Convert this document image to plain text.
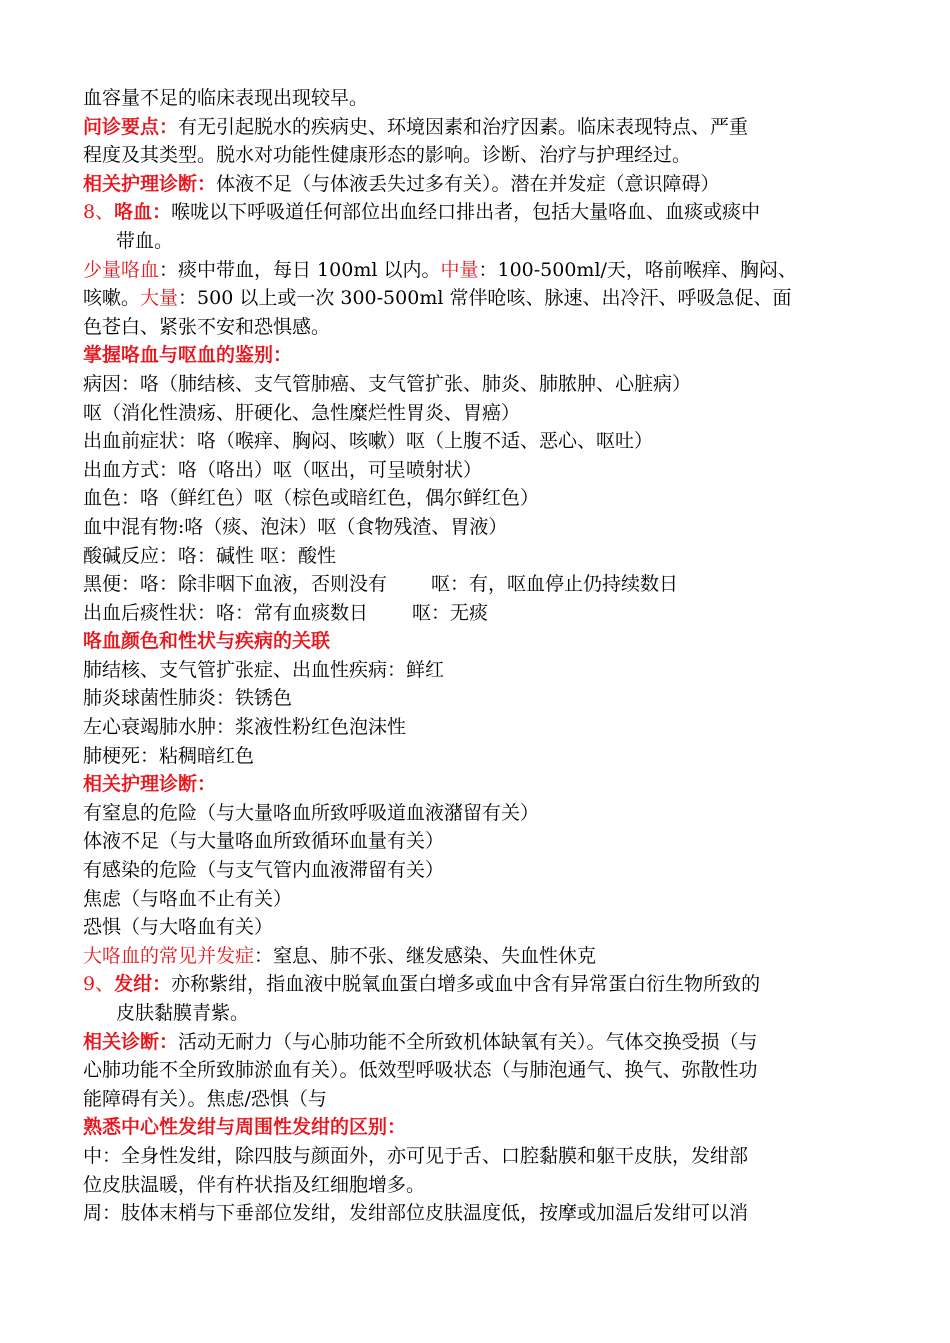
血容量不足的临床表现出现较早。
问诊要点：有无引起脱水的疾病史、环境因素和治疗因素。临床表现特点、严重
程度及其类型。脱水对功能性健康形态的影响。诊断、治疗与护理经过。
相关护理诊断：体液不足（与体液丢失过多有关）。潜在并发症（意识障碍）
8、咯血：喉咙以下呼吸道任何部位出血经口排出者，包括大量咯血、血痰或痰中
带血。
少量咯血：痰中带血，每日 100ml 以内。中量：100-500ml/天，咯前喉痒、胸闷、
咳嗽。大量：500 以上或一次 300-500ml 常伴呛咳、脉速、出冷汗、呼吸急促、面
色苍白、紧张不安和恐惧感。
掌握咯血与呕血的鉴别：
病因：咯（肺结核、支气管肺癌、支气管扩张、肺炎、肺脓肿、心脏病）
呕（消化性溃疡、肝硬化、急性糜烂性胃炎、胃癌）
出血前症状：咯（喉痒、胸闷、咳嗽）呕（上腹不适、恶心、呕吐）
出血方式：咯（咯出）呕（呕出，可呈喷射状）
血色：咯（鲜红色）呕（棕色或暗红色，偶尔鲜红色）
血中混有物:咯（痰、泡沫）呕（食物残渣、胃液）
酸碱反应：咯：碱性 呕：酸性
黑便：咯：除非咽下血液，否则没有 呕：有，呕血停止仍持续数日
出血后痰性状：咯：常有血痰数日 呕：无痰
咯血颜色和性状与疾病的关联
肺结核、支气管扩张症、出血性疾病：鲜红
肺炎球菌性肺炎：铁锈色
左心衰竭肺水肿：浆液性粉红色泡沫性
肺梗死：粘稠暗红色
相关护理诊断：
有窒息的危险（与大量咯血所致呼吸道血液潴留有关）
体液不足（与大量咯血所致循环血量有关）
有感染的危险（与支气管内血液滞留有关）
焦虑（与咯血不止有关）
恐惧（与大咯血有关）
大咯血的常见并发症：窒息、肺不张、继发感染、失血性休克
9、发绀：亦称紫绀，指血液中脱氧血蛋白增多或血中含有异常蛋白衍生物所致的
皮肤黏膜青紫。
相关诊断：活动无耐力（与心肺功能不全所致机体缺氧有关）。气体交换受损（与
心肺功能不全所致肺淤血有关）。低效型呼吸状态（与肺泡通气、换气、弥散性功
能障碍有关）。焦虑/恐惧（与
熟悉中心性发绀与周围性发绀的区别：
中：全身性发绀，除四肢与颜面外，亦可见于舌、口腔黏膜和躯干皮肤，发绀部
位皮肤温暖，伴有杵状指及红细胞增多。
周：肢体末梢与下垂部位发绀，发绀部位皮肤温度低，按摩或加温后发绀可以消
